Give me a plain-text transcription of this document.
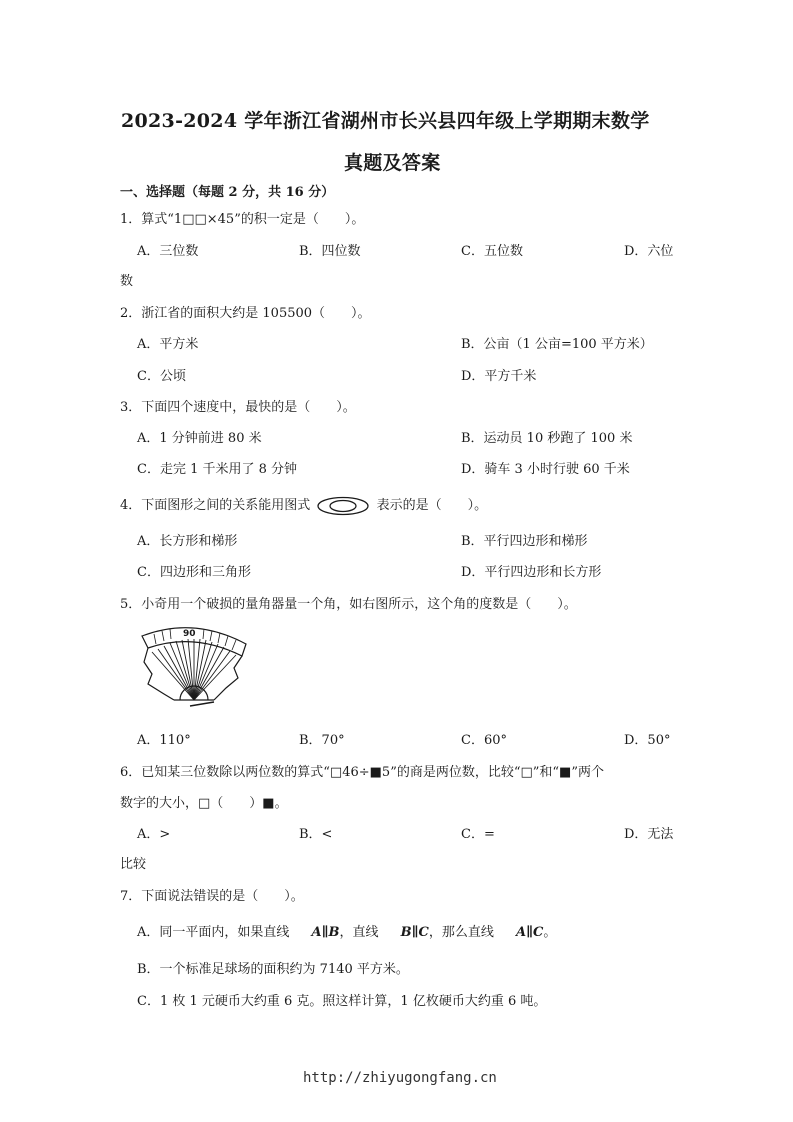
2023-2024 学年浙江省湖州市长兴县四年级上学期期末数学
真题及答案
一、选择题（每题 2 分，共 16 分）
1．算式“1□□×45”的积一定是（　　）。
A．三位数	B．四位数	C．五位数	D．六位
数
2．浙江省的面积大约是 105500（　　）。
A．平方米	B．公亩（1 公亩=100 平方米）
C．公顷	D．平方千米
3．下面四个速度中，最快的是（　　）。
A．1 分钟前进 80 米	B．运动员 10 秒跑了 100 米
C．走完 1 千米用了 8 分钟	D．骑车 3 小时行驶 60 千米
4．下面图形之间的关系能用图式	表示的是（　　）。
A．长方形和梯形	B．平行四边形和梯形
C．四边形和三角形	D．平行四边形和长方形
5．小奇用一个破损的量角器量一个角，如右图所示，这个角的度数是（　　）。
90
A．110°	B．70°	C．60°	D．50°
6．已知某三位数除以两位数的算式“□46÷■5”的商是两位数，比较“□”和“■”两个
数字的大小，□（　　）■。
A．>	B．<	C．=	D．无法
比较
7．下面说法错误的是（　　）。
A．同一平面内，如果直线 A∥B，直线 B∥C，那么直线 A∥C。
B．一个标准足球场的面积约为 7140 平方米。
C．1 枚 1 元硬币大约重 6 克。照这样计算，1 亿枚硬币大约重 6 吨。
http://zhiyugongfang.cn
